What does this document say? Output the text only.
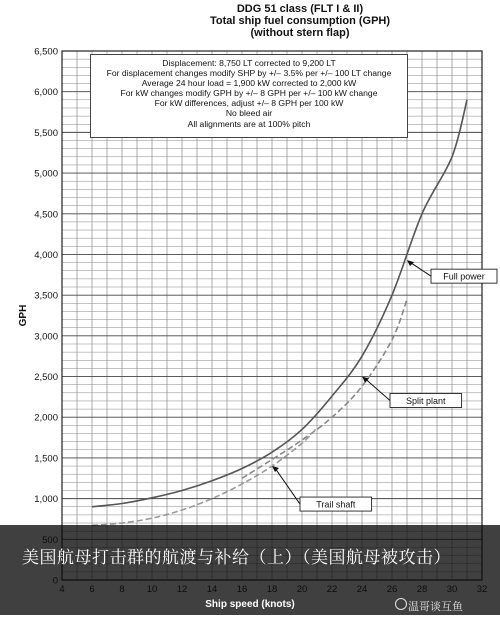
1,000
1,500
2,000
2,500
3,000
3,500
4,000
4,500
5,000
5,500
6,000
6,500
GPH
Full power
Split plant
Trail shaft
DDG 51 class (FLT I & II)
Total ship fuel consumption (GPH)
(without stern flap)
Displacement: 8,750 LT corrected to 9,200 LT
For displacement changes modify SHP by +/– 3.5% per +/– 100 LT change
Average 24 hour load = 1,900 kW corrected to 2,000 kW
For kW changes modify GPH by +/– 8 GPH per +/– 100 kW change
For kW differences, adjust +/– 8 GPH per 100 kW
No bleed air
All alignments are at 100% pitch
美国航母打击群的航渡与补给（上）（美国航母被攻击）
Ship speed (knots)	温哥谈互鱼
